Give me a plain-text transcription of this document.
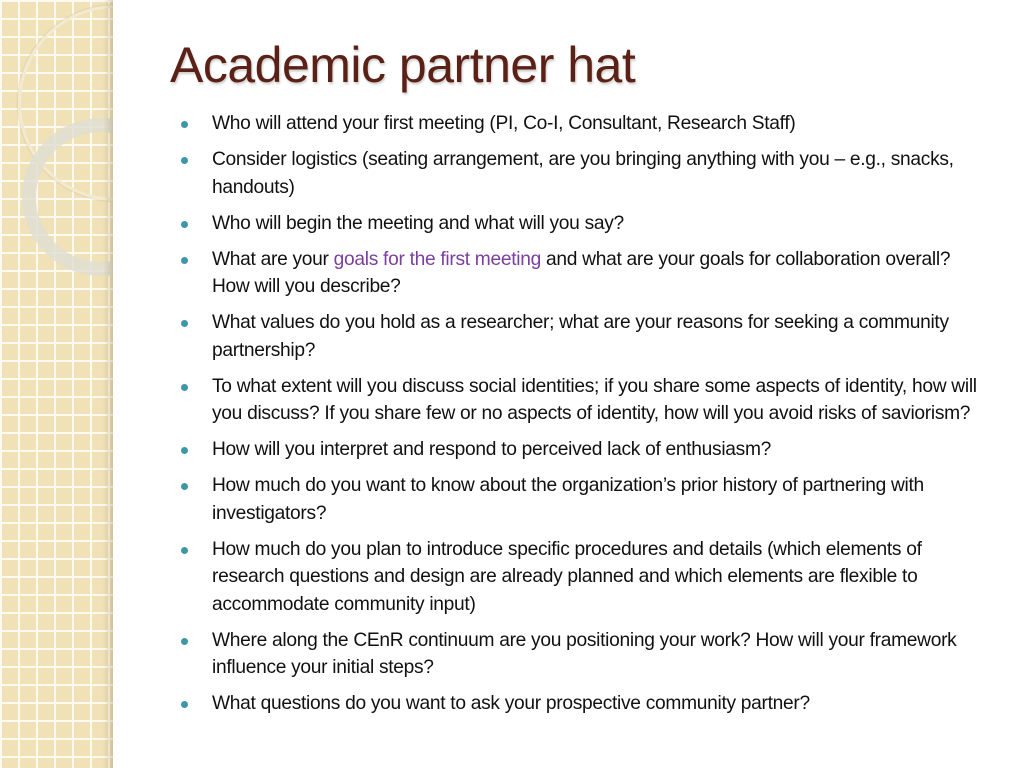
Academic partner hat
Who will attend your first meeting (PI, Co-I, Consultant, Research Staff)
Consider logistics (seating arrangement, are you bringing anything with you – e.g., snacks, handouts)
Who will begin the meeting and what will you say?
What are your goals for the first meeting and what are your goals for collaboration overall? How will you describe?
What values do you hold as a researcher; what are your reasons for seeking a community partnership?
To what extent will you discuss social identities; if you share some aspects of identity, how will you discuss? If you share few or no aspects of identity, how will you avoid risks of saviorism?
How will you interpret and respond to perceived lack of enthusiasm?
How much do you want to know about the organization’s prior history of partnering with investigators?
How much do you plan to introduce specific procedures and details (which elements of research questions and design are already planned and which elements are flexible to accommodate community input)
Where along the CEnR continuum are you positioning your work? How will your framework influence your initial steps?
What questions do you want to ask your prospective community partner?
